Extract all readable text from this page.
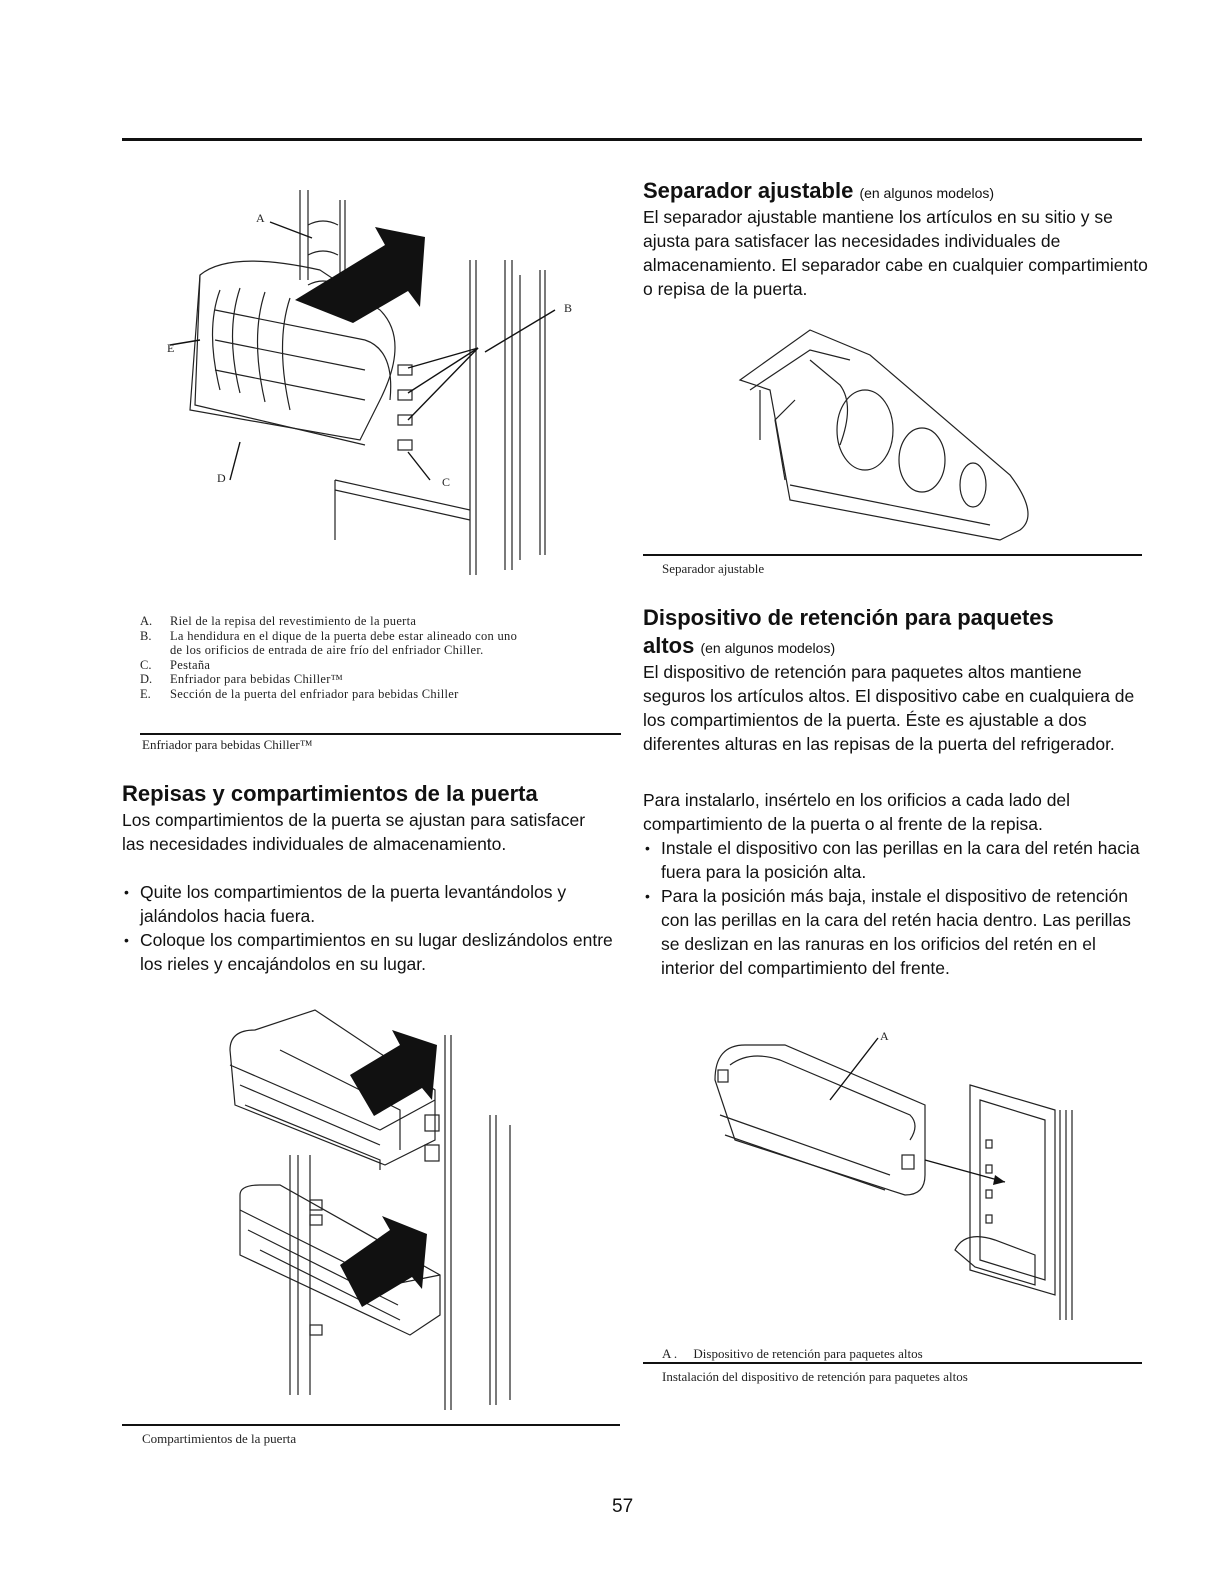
A
B
C
D
E
A.	Riel de la repisa del revestimiento de la puerta
B.	La hendidura en el dique de la puerta debe estar alineado con uno
de los orificios de entrada de aire frío del enfriador Chiller.
C.	Pestaña
D.	Enfriador para bebidas Chiller™
E.	Sección de la puerta del enfriador para bebidas Chiller
Enfriador para bebidas Chiller™
Repisas y compartimientos de la puerta
Los compartimientos de la puerta se ajustan para satisfacer las necesidades individuales de almacenamiento.
• Quite los compartimientos de la puerta levantándolos y jalándolos hacia fuera.
• Coloque los compartimientos en su lugar deslizándolos entre los rieles y encajándolos en su lugar.
Compartimientos de la puerta
Separador ajustable (en algunos modelos)
El separador ajustable mantiene los artículos en su sitio y se ajusta para satisfacer las necesidades individuales de almacenamiento. El separador cabe en cualquier compartimiento o repisa de la puerta.
Separador ajustable
Dispositivo de retención para paquetes
altos (en algunos modelos)
El dispositivo de retención para paquetes altos mantiene seguros los artículos altos. El dispositivo cabe en cualquiera de los compartimientos de la puerta. Éste es ajustable a dos diferentes alturas en las repisas de la puerta del refrigerador.
Para instalarlo, insértelo en los orificios a cada lado del compartimiento de la puerta o al frente de la repisa.
• Instale el dispositivo con las perillas en la cara del retén hacia fuera para la posición alta.
• Para la posición más baja, instale el dispositivo de retención con las perillas en la cara del retén hacia dentro. Las perillas se deslizan en las ranuras en los orificios del retén en el interior del compartimiento del frente.
A
A . Dispositivo de retención para paquetes altos
Instalación del dispositivo de retención para paquetes altos
57
